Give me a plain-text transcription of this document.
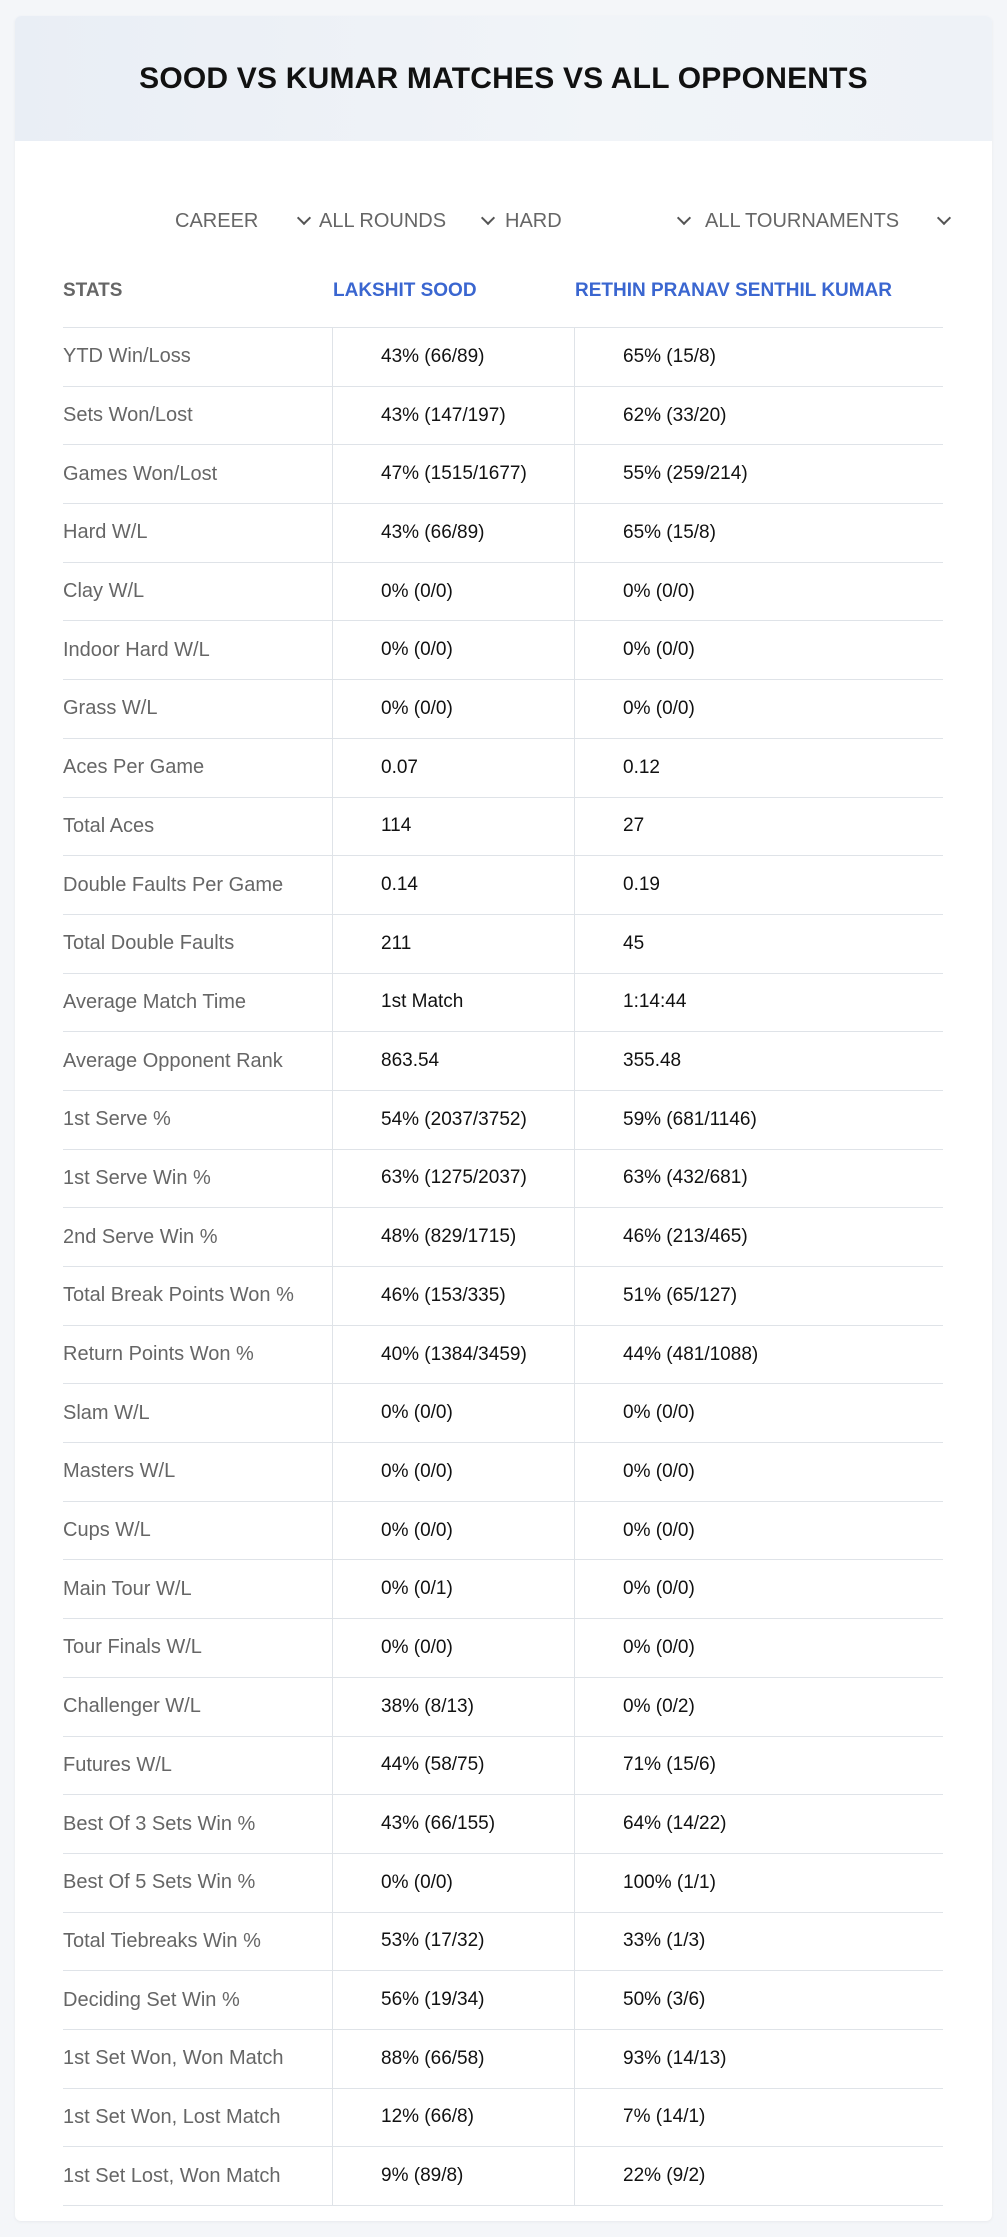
SOOD VS KUMAR MATCHES VS ALL OPPONENTS
CAREER	ALL ROUNDS	HARD	ALL TOURNAMENTS
STATS	LAKSHIT SOOD	RETHIN PRANAV SENTHIL KUMAR
YTD Win/Loss	43% (66/89)	65% (15/8)
Sets Won/Lost	43% (147/197)	62% (33/20)
Games Won/Lost	47% (1515/1677)	55% (259/214)
Hard W/L	43% (66/89)	65% (15/8)
Clay W/L	0% (0/0)	0% (0/0)
Indoor Hard W/L	0% (0/0)	0% (0/0)
Grass W/L	0% (0/0)	0% (0/0)
Aces Per Game	0.07	0.12
Total Aces	114	27
Double Faults Per Game	0.14	0.19
Total Double Faults	211	45
Average Match Time	1st Match	1:14:44
Average Opponent Rank	863.54	355.48
1st Serve %	54% (2037/3752)	59% (681/1146)
1st Serve Win %	63% (1275/2037)	63% (432/681)
2nd Serve Win %	48% (829/1715)	46% (213/465)
Total Break Points Won %	46% (153/335)	51% (65/127)
Return Points Won %	40% (1384/3459)	44% (481/1088)
Slam W/L	0% (0/0)	0% (0/0)
Masters W/L	0% (0/0)	0% (0/0)
Cups W/L	0% (0/0)	0% (0/0)
Main Tour W/L	0% (0/1)	0% (0/0)
Tour Finals W/L	0% (0/0)	0% (0/0)
Challenger W/L	38% (8/13)	0% (0/2)
Futures W/L	44% (58/75)	71% (15/6)
Best Of 3 Sets Win %	43% (66/155)	64% (14/22)
Best Of 5 Sets Win %	0% (0/0)	100% (1/1)
Total Tiebreaks Win %	53% (17/32)	33% (1/3)
Deciding Set Win %	56% (19/34)	50% (3/6)
1st Set Won, Won Match	88% (66/58)	93% (14/13)
1st Set Won, Lost Match	12% (66/8)	7% (14/1)
1st Set Lost, Won Match	9% (89/8)	22% (9/2)
